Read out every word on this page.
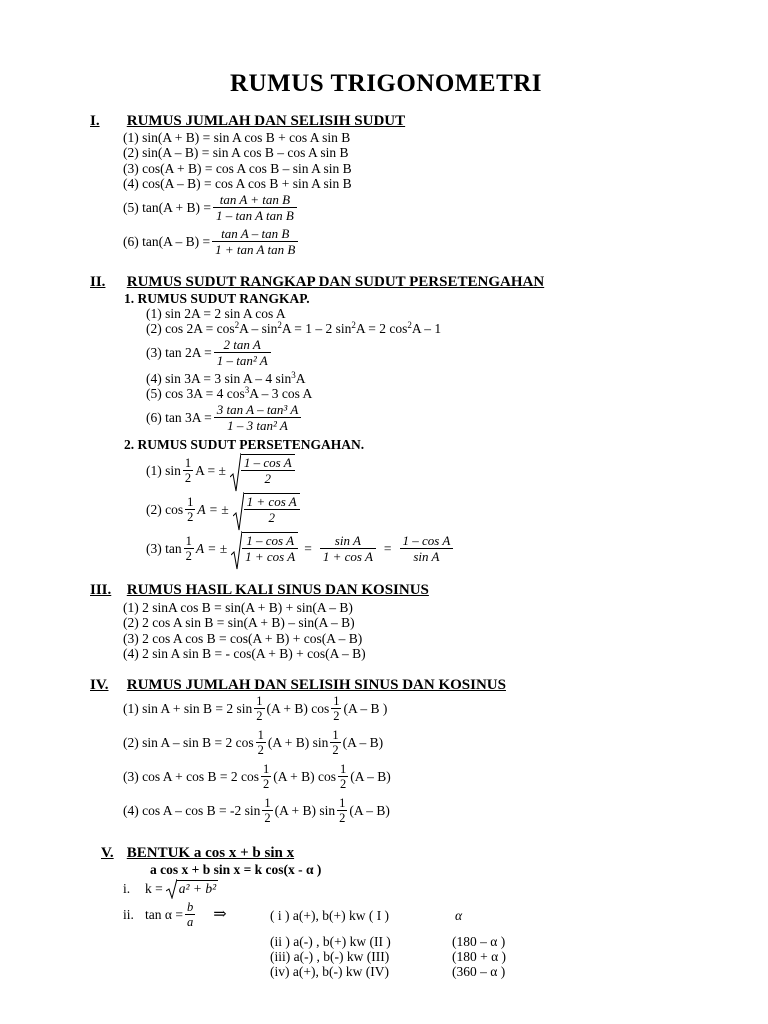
RUMUS TRIGONOMETRI
I. RUMUS JUMLAH DAN SELISIH SUDUT
(1) sin(A + B) = sin A cos B + cos A sin B
(2) sin(A – B) = sin A cos B – cos A sin B
(3) cos(A + B) = cos A cos B – sin A sin B
(4) cos(A – B) = cos A cos B + sin A sin B
(5) $\tan(A + B) = \frac{\text{tan A + tan B}}{\text{1 – tan A tan B}}$
(6) $\tan(A - B) = \frac{\text{tan A – tan B}}{\text{1 + tan A tan B}}$
II. RUMUS SUDUT RANGKAP DAN SUDUT PERSETENGAHAN
1. RUMUS SUDUT RANGKAP.
(1) sin 2A = 2 sin A cos A
(2) $\cos 2A = \cos^2A - \sin^2A = 1 - 2$ $\sin^2A = 2$ $\cos^2A - 1$
(3) $\tan 2A = \frac{\text{2 tan A}}{\text{1 – tan² A}}$
(4) sin 3A = 3 sin A – 4 $\sin^3A$
(5) cos 3A = 4 $\cos^3A - 3$ cos A
(6) $\tan 3A = \frac{\text{3 tan A – tan³ A}}{\text{1 – 3 tan² A}}$
2. RUMUS SUDUT PERSETENGAHAN.
(1) $\sin \frac{1}{2}$ A = ± $\frac{\text{1 – cos A}}{2}$
(2) $\cos \frac{1}{2}$ A = ± $\frac{\text{1 + cos A}}{2}$
(3) $\tan \frac{1}{2}$ A = ± $\frac{\text{1 – cos A}}{\text{1 + cos A}} = \frac{\text{sin A}}{\text{1 + cos A}} = \frac{\text{1 – cos A}}{\text{sin A}}$
III. RUMUS HASIL KALI SINUS DAN KOSINUS
(1) 2 sinA cos B = sin(A + B) + sin(A – B)
(2) 2 cos A sin B = sin(A + B) – sin(A – B)
(3) 2 cos A cos B = cos(A + B) + cos(A – B)
(4) 2 sin A sin B = - cos(A + B) + cos(A – B)
IV. RUMUS JUMLAH DAN SELISIH SINUS DAN KOSINUS
(1) sin A + sin B = 2 $\sin \frac{1}{2} (A + B)$ $\cos \frac{1}{2} (A$ – B )
(2) sin A – sin B = 2 $\cos \frac{1}{2} (A + B)$ $\sin \frac{1}{2} (A - B)$
(3) cos A + cos B = 2 $\cos \frac{1}{2} (A + B)$ $\cos \frac{1}{2} (A - B)$
(4) cos A – cos B = -2 $\sin \frac{1}{2} (A + B)$ $\sin \frac{1}{2} (A - B)$
V. BENTUK a cos x + b sin x
a cos x + b sin x = k cos(x - α )
i.	k =	a² + b²
ii. $\tan \alpha = \frac{b}{a}$ ⇒	( i ) a(+), b(+) kw ( I )	α
(ii ) a(-) , b(+) kw (II )	(180 – α )
(iii) a(-) , b(-) kw (III)	(180 + α )
(iv) a(+), b(-) kw (IV)	(360 – α )
